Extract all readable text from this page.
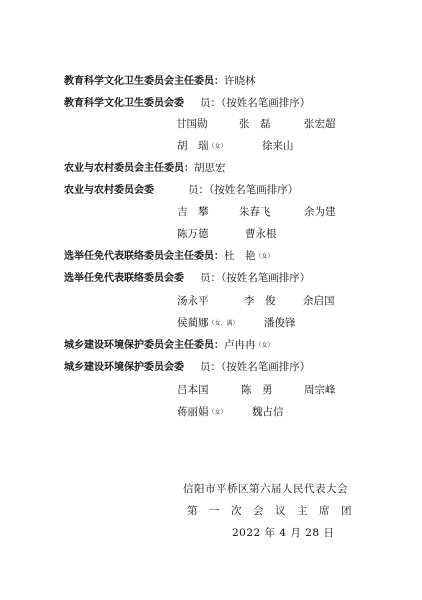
教育科学文化卫生委员会主任委员：许晓林
教育科学文化卫生委员会委 员：（按姓名笔画排序）
甘国勋	张　磊	张宏超
胡　瑞（女）	徐来山
农业与农村委员会主任委员：胡思宏
农业与农村委员会委	员：（按姓名笔画排序）
吉　攀	朱春飞	余为建
陈万德	曹永根
选举任免代表联络委员会主任委员：杜　艳（女）
选举任免代表联络委员会委 员：（按姓名笔画排序）
汤永平	李　俊	余启国
侯蔺娜（女、满） 潘俊锋
城乡建设环境保护委员会主任委员：卢冉冉（女）
城乡建设环境保护委员会委 员：（按姓名笔画排序）
吕本国	陈　勇	周宗峰
蒋丽娟（女） 魏占信
信阳市平桥区第六届人民代表大会
第　一　次　会　议　主　席　团
2022 年 4 月 28 日
